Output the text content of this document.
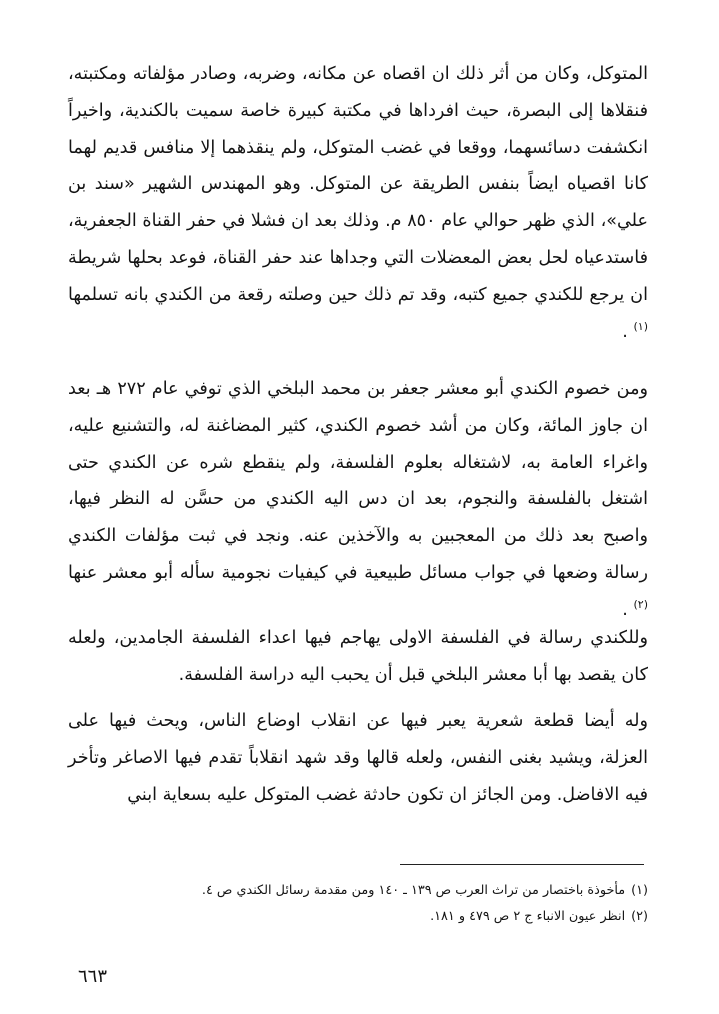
المتوكل، وكان من أثر ذلك ان اقصاه عن مكانه، وضربه، وصادر مؤلفاته ومكتبته، فنقلاها إلى البصرة، حيث افرداها في مكتبة كبيرة خاصة سميت بالكندية، واخيراً انكشفت دسائسهما، ووقعا في غضب المتوكل، ولم ينقذهما إلا منافس قديم لهما كانا اقصياه ايضاً بنفس الطريقة عن المتوكل. وهو المهندس الشهير «سند بن علي»، الذي ظهر حوالي عام ٨٥٠ م. وذلك بعد ان فشلا في حفر القناة الجعفرية، فاستدعياه لحل بعض المعضلات التي وجداها عند حفر القناة، فوعد بحلها شريطة ان يرجع للكندي جميع كتبه، وقد تم ذلك حين وصلته رقعة من الكندي بانه تسلمها $^{(١)}$ .

ومن خصوم الكندي أبو معشر جعفر بن محمد البلخي الذي توفي عام ٢٧٢ هـ بعد ان جاوز المائة، وكان من أشد خصوم الكندي، كثير المضاغنة له، والتشنيع عليه، واغراء العامة به، لاشتغاله بعلوم الفلسفة، ولم ينقطع شره عن الكندي حتى اشتغل بالفلسفة والنجوم، بعد ان دس اليه الكندي من حسَّن له النظر فيها، واصبح بعد ذلك من المعجبين به والآخذين عنه. ونجد في ثبت مؤلفات الكندي رسالة وضعها في جواب مسائل طبيعية في كيفيات نجومية سأله أبو معشر عنها $^{(٢)}$ .

وللكندي رسالة في الفلسفة الاولى يهاجم فيها اعداء الفلسفة الجامدين، ولعله كان يقصد بها أبا معشر البلخي قبل أن يحبب اليه دراسة الفلسفة.

وله أيضا قطعة شعرية يعبر فيها عن انقلاب اوضاع الناس، ويحث فيها على العزلة، ويشيد بغنى النفس، ولعله قالها وقد شهد انقلاباً تقدم فيها الاصاغر وتأخر فيه الافاضل. ومن الجائز ان تكون حادثة غضب المتوكل عليه بسعاية ابني

(١)مأخوذة باختصار من تراث العرب ص ١٣٩ ـ ١٤٠ ومن مقدمة رسائل الكندي ص ٤.

(٢)انظر عيون الانباء ج ٢ ص ٤٧٩ و ١٨١.

٦٦٣
